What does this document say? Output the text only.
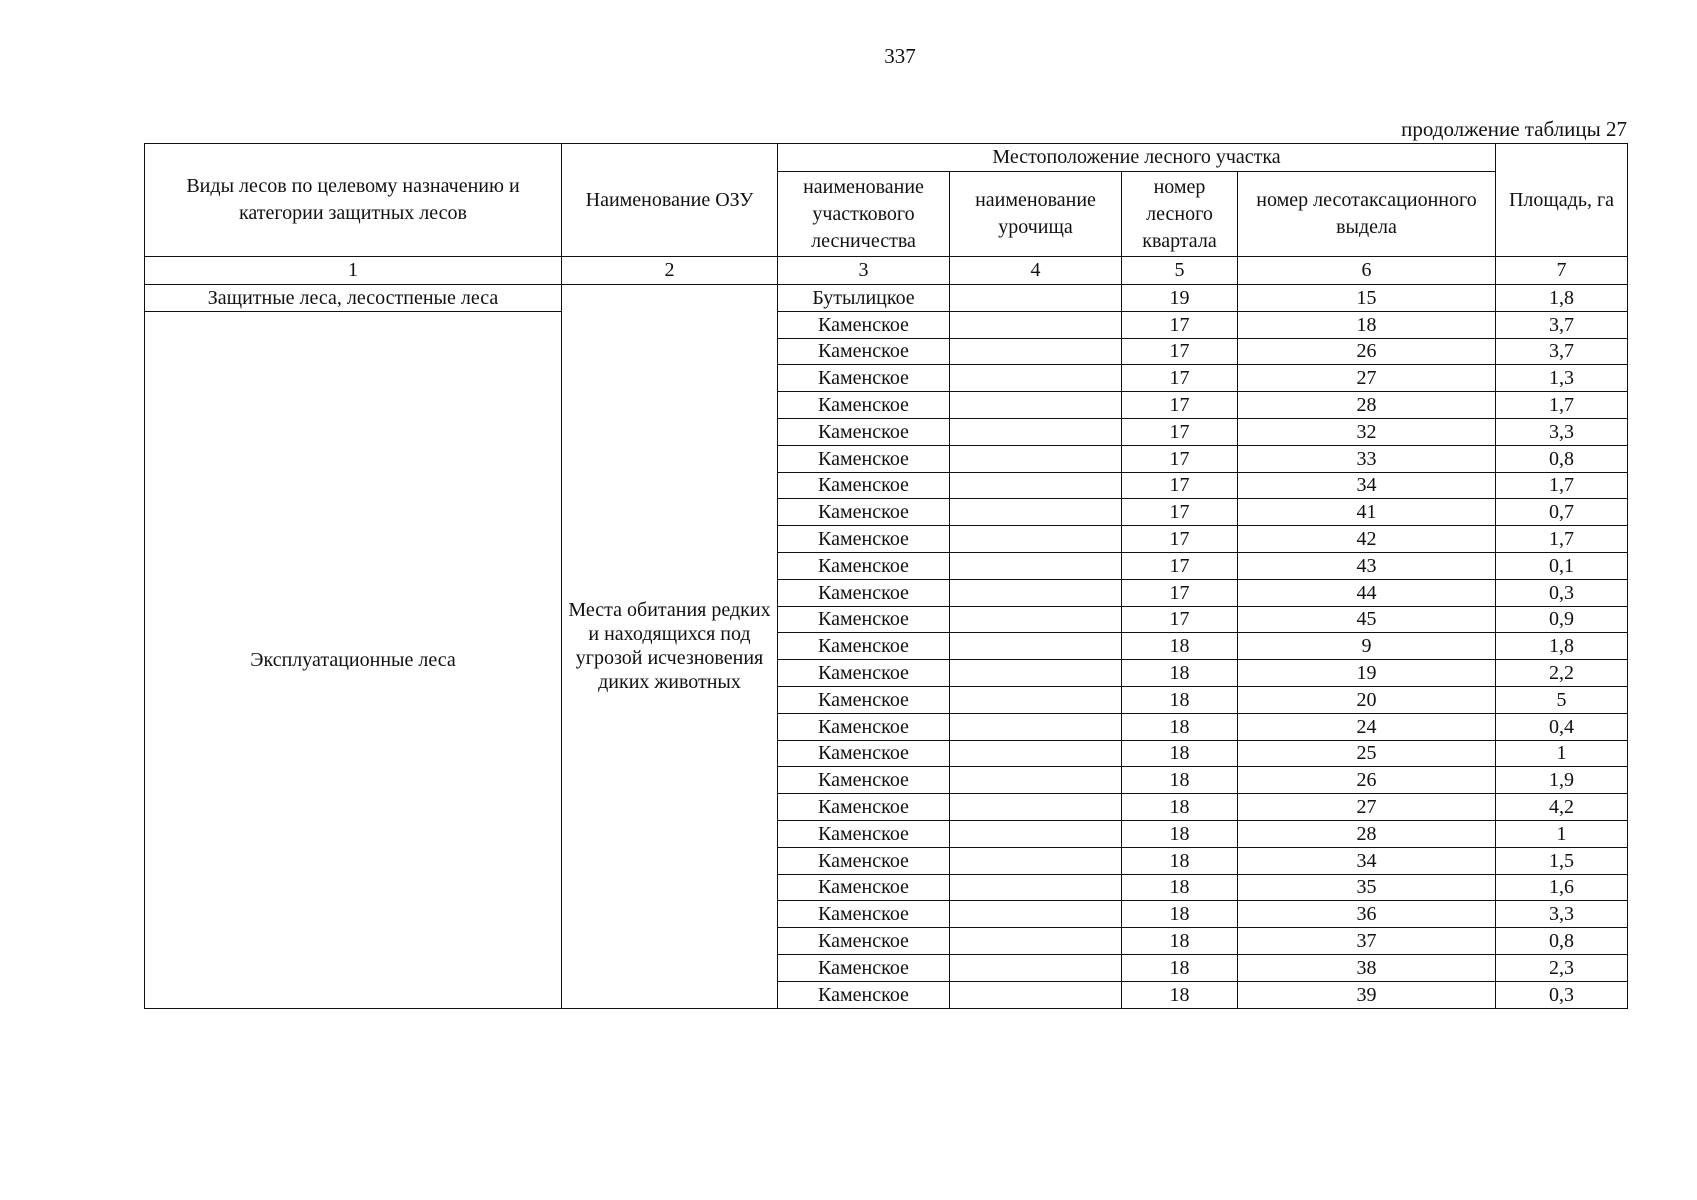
337
продолжение таблицы 27
Виды лесов по целевому назначению и категории защитных лесов	Наименование ОЗУ	Местоположение лесного участка				Площадь, га
		наименование участкового лесничества	наименование урочища	номер лесного квартала	номер лесотаксационного выдела	
1	2	3	4	5	6	7
Защитные леса, лесостпеные леса	Места обитания редких и находящихся под угрозой исчезновения диких животных	Бутылицкое		19	15	1,8
Эксплуатационные леса		Каменское		17	18	3,7
		Каменское		17	26	3,7
		Каменское		17	27	1,3
		Каменское		17	28	1,7
		Каменское		17	32	3,3
		Каменское		17	33	0,8
		Каменское		17	34	1,7
		Каменское		17	41	0,7
		Каменское		17	42	1,7
		Каменское		17	43	0,1
		Каменское		17	44	0,3
		Каменское		17	45	0,9
		Каменское		18	9	1,8
		Каменское		18	19	2,2
		Каменское		18	20	5
		Каменское		18	24	0,4
		Каменское		18	25	1
		Каменское		18	26	1,9
		Каменское		18	27	4,2
		Каменское		18	28	1
		Каменское		18	34	1,5
		Каменское		18	35	1,6
		Каменское		18	36	3,3
		Каменское		18	37	0,8
		Каменское		18	38	2,3
		Каменское		18	39	0,3
